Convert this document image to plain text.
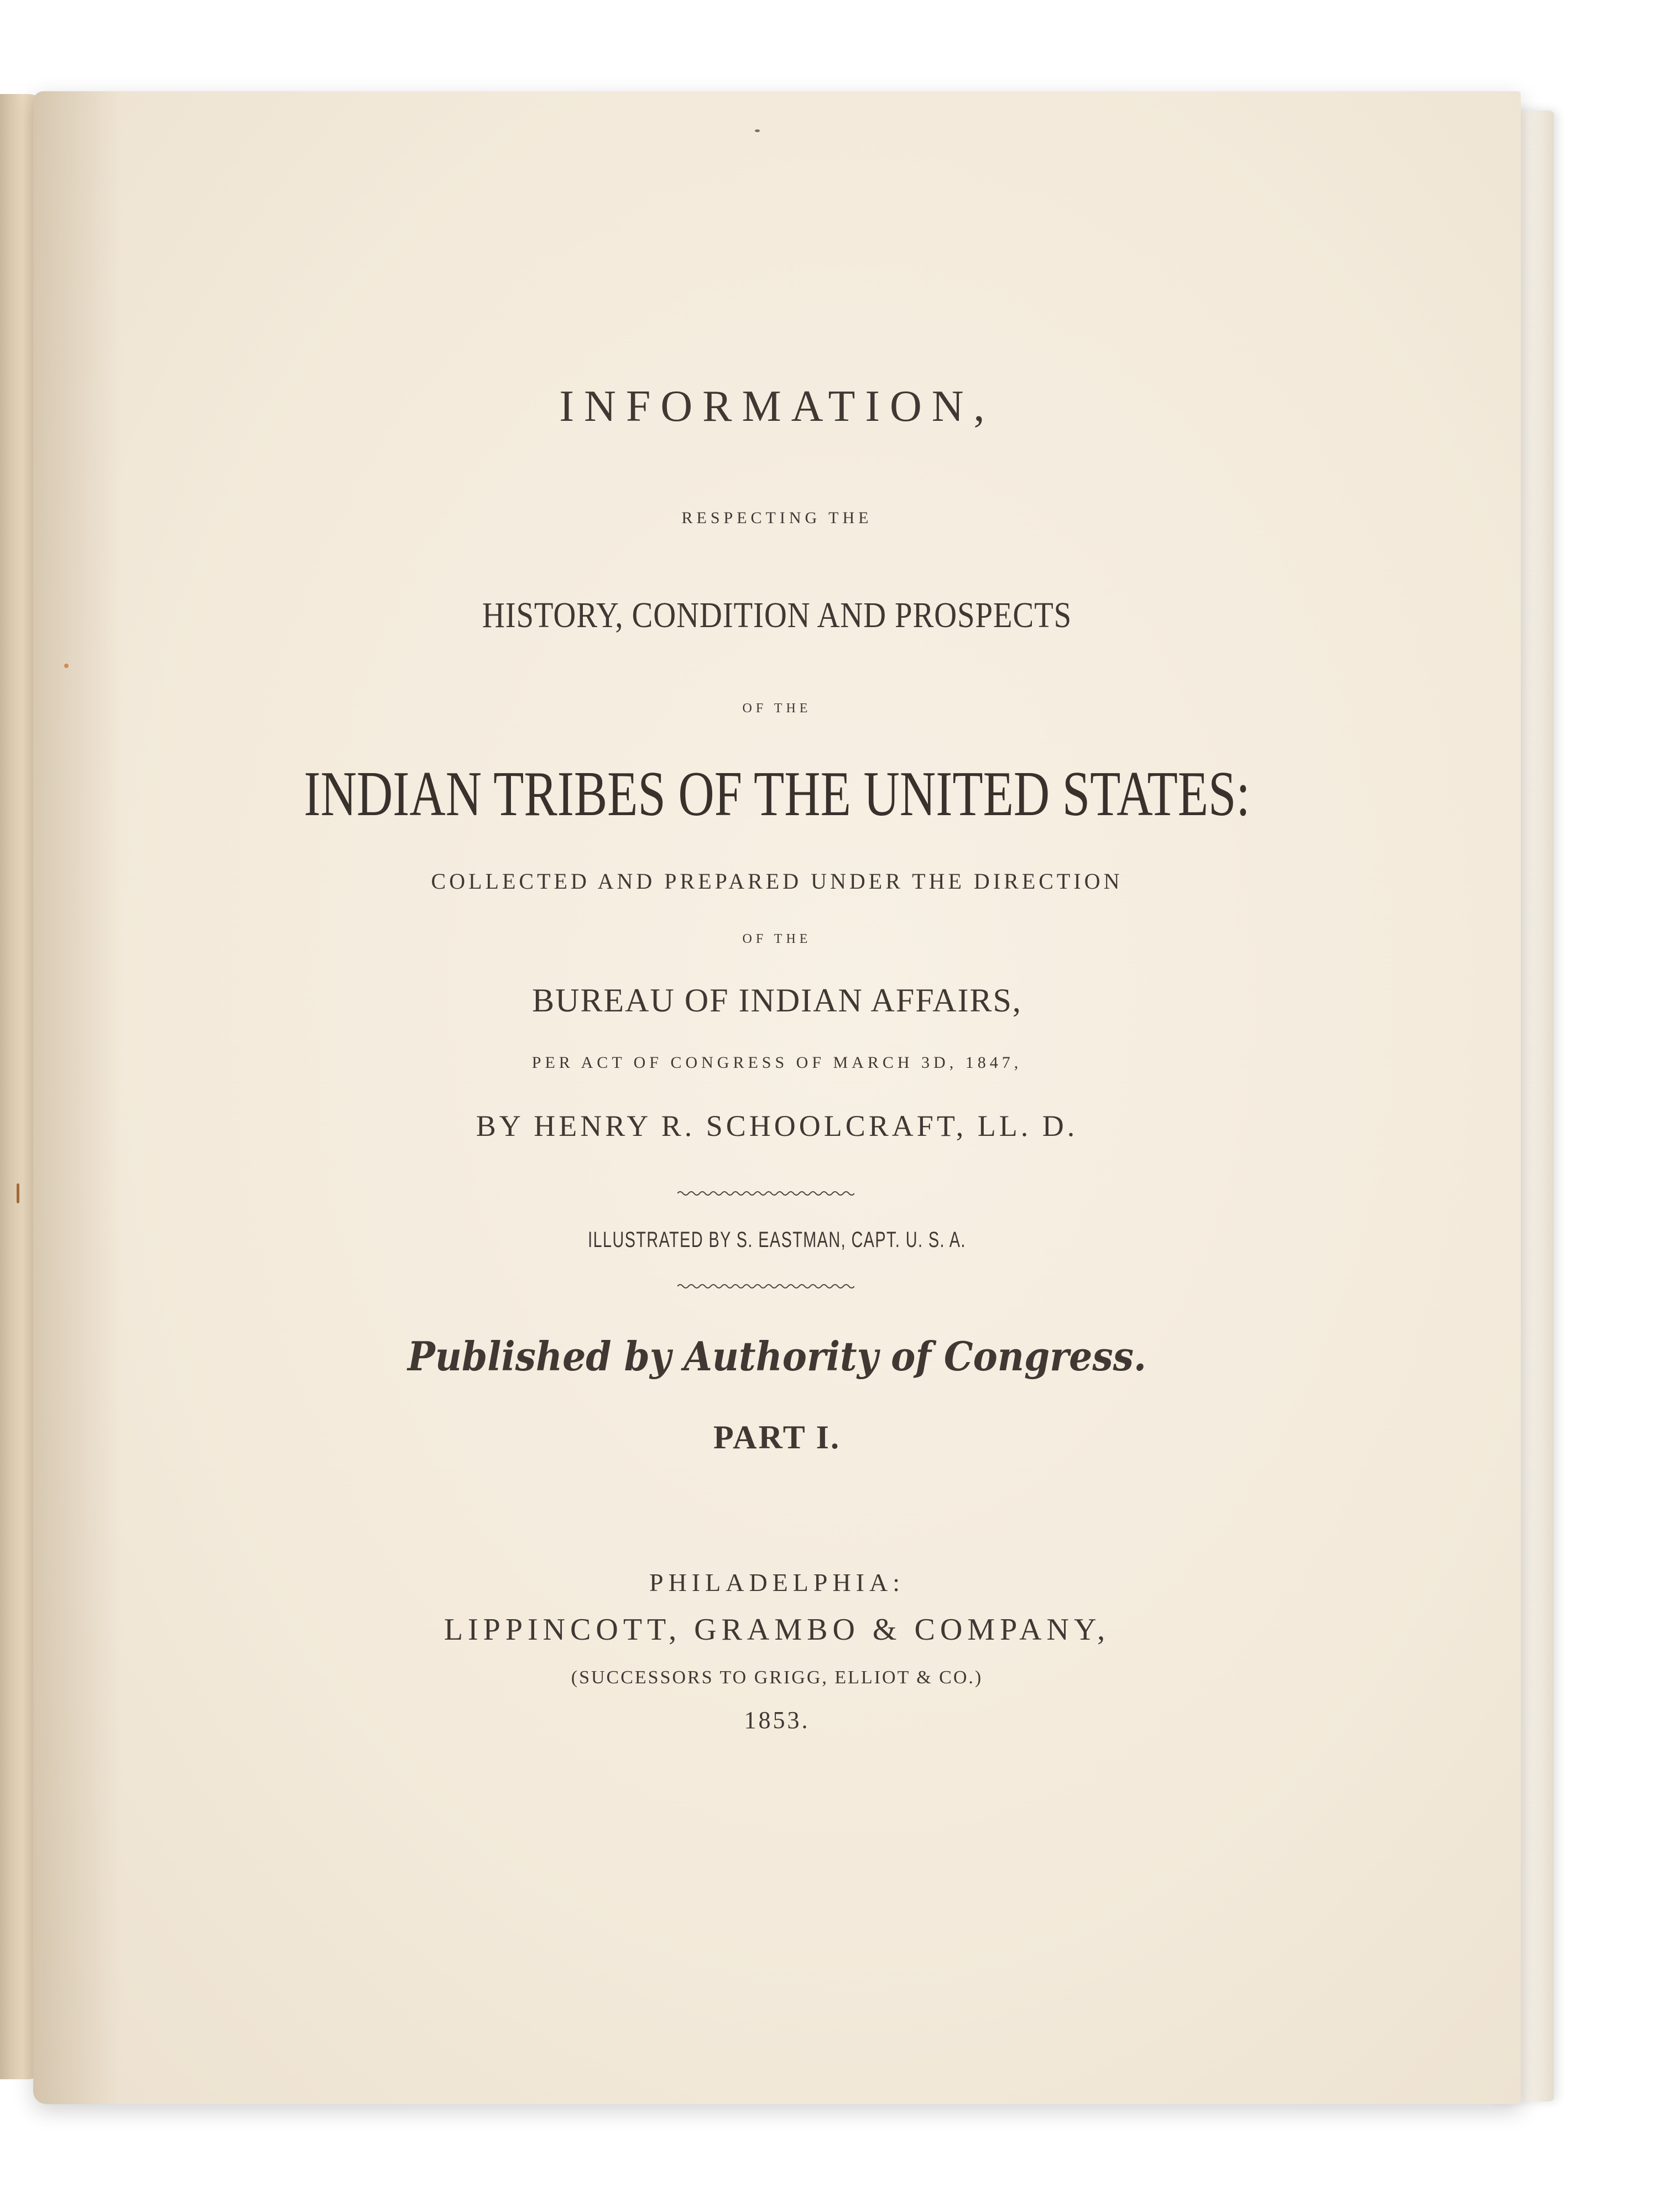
INFORMATION,
RESPECTING THE
HISTORY, CONDITION AND PROSPECTS
OF THE
INDIAN TRIBES OF THE UNITED STATES:
COLLECTED AND PREPARED UNDER THE DIRECTION
OF THE
BUREAU OF INDIAN AFFAIRS,
PER ACT OF CONGRESS OF MARCH 3D, 1847,
BY HENRY R. SCHOOLCRAFT, LL. D.
ILLUSTRATED BY S. EASTMAN, CAPT. U. S. A.
Published by Authority of Congress.
PART I.
PHILADELPHIA:
LIPPINCOTT, GRAMBO & COMPANY,
(SUCCESSORS TO GRIGG, ELLIOT & CO.)
1853.
